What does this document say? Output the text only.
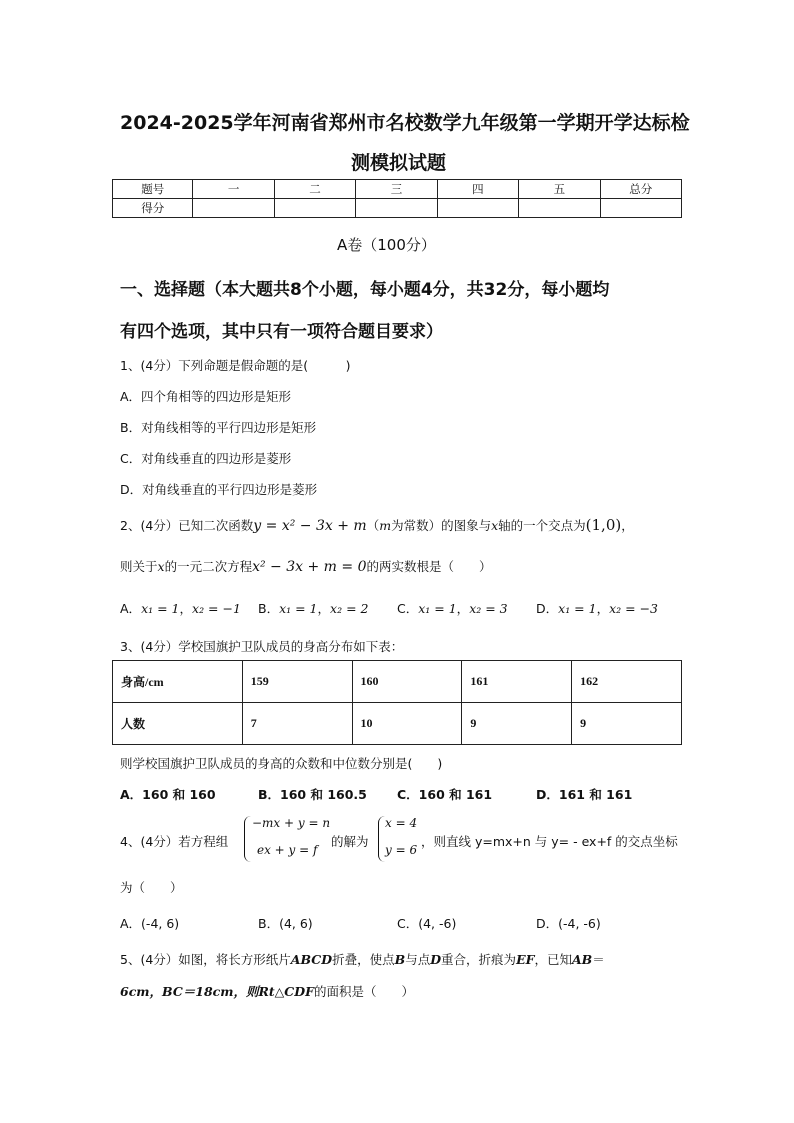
2024-2025学年河南省郑州市名校数学九年级第一学期开学达标检
测模拟试题
题号	一	二	三	四	五	总分
得分						
A卷（100分）
一、选择题（本大题共8个小题，每小题4分，共32分，每小题均
有四个选项，其中只有一项符合题目要求）
1、(4分）下列命题是假命题的是(　　　)
A．四个角相等的四边形是矩形
B．对角线相等的平行四边形是矩形
C．对角线垂直的四边形是菱形
D．对角线垂直的平行四边形是菱形
2、(4分）已知二次函数y = x² − 3x + m（m为常数）的图象与x轴的一个交点为(1,0)，
则关于x的一元二次方程x² − 3x + m = 0的两实数根是（　　）
A．x₁ = 1，x₂ = −1 B．x₁ = 1，x₂ = 2 C．x₁ = 1，x₂ = 3 D．x₁ = 1，x₂ = −3
3、(4分）学校国旗护卫队成员的身高分布如下表：
身高/cm	159	160	161	162
人数	7	10	9	9
则学校国旗护卫队成员的身高的众数和中位数分别是(　　)
A．160 和 160	B．160 和 160.5 C．160 和 161	D．161 和 161
4、(4分）若方程组
−mx + y = n
ex + y = f
的解为
x = 4
y = 6
，则直线 y=mx+n 与 y= - ex+f 的交点坐标
为（　　）
A．(-4, 6)	B．(4, 6)	C．(4, -6)	D．(-4, -6)
5、(4分）如图，将长方形纸片ABCD折叠，使点B与点D重合，折痕为EF，已知AB＝
6cm，BC＝18cm，则Rt△CDF的面积是（　　）
